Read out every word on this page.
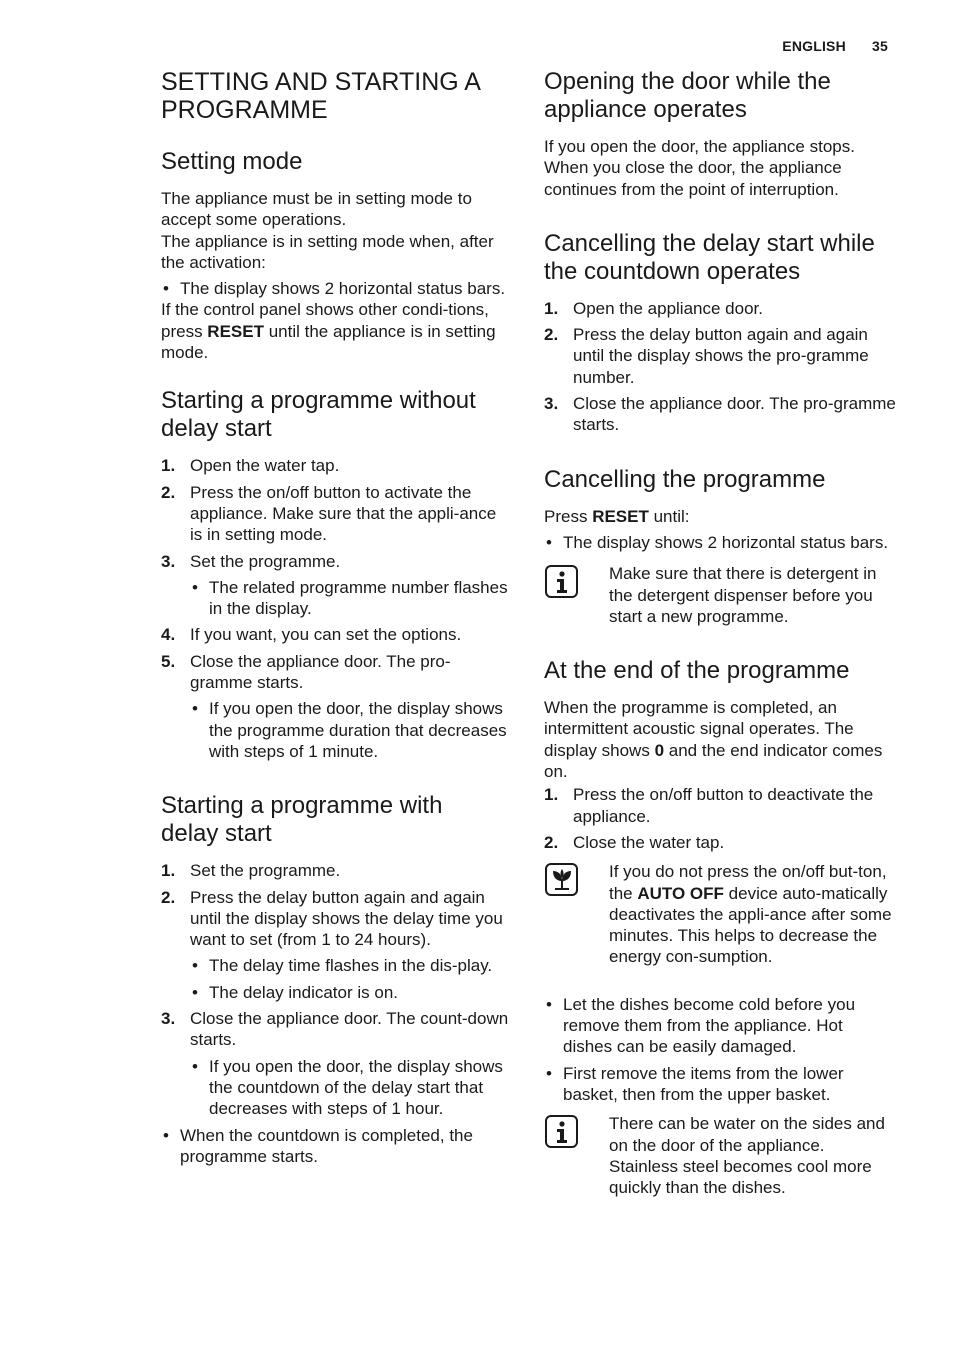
ENGLISH 35
SETTING AND STARTING A
PROGRAMME
Setting mode

The appliance must be in setting mode to accept some operations.

The appliance is in setting mode when, after the activation:

• The display shows 2 horizontal status bars.

If the control panel shows other condi-tions, press RESET until the appliance is in setting mode.

Starting a programme without
delay start
1. Open the water tap.
2. Press the on/off button to activate the appliance. Make sure that the appli-ance is in setting mode.
3. Set the programme.
• The related programme number flashes in the display.
4. If you want, you can set the options.
5. Close the appliance door. The pro-gramme starts.
• If you open the door, the display shows the programme duration that decreases with steps of 1 minute.
Starting a programme with
delay start
1. Set the programme.
2. Press the delay button again and again until the display shows the delay time you want to set (from 1 to 24 hours).
• The delay time flashes in the dis-play.
• The delay indicator is on.
3. Close the appliance door. The count-down starts.
• If you open the door, the display shows the countdown of the delay start that decreases with steps of 1 hour.
• When the countdown is completed, the programme starts.
Opening the door while the
appliance operates

If you open the door, the appliance stops. When you close the door, the appliance continues from the point of interruption.

Cancelling the delay start while
the countdown operates
1. Open the appliance door.
2. Press the delay button again and again until the display shows the pro-gramme number.
3. Close the appliance door. The pro-gramme starts.
Cancelling the programme

Press RESET until:

• The display shows 2 horizontal status bars.
Make sure that there is detergent in the detergent dispenser before you start a new programme.
At the end of the programme

When the programme is completed, an intermittent acoustic signal operates. The display shows 0 and the end indicator comes on.

1. Press the on/off button to deactivate the appliance.
2. Close the water tap.
If you do not press the on/off but-ton, the AUTO OFF device auto-matically deactivates the appli-ance after some minutes. This helps to decrease the energy con-sumption.
• Let the dishes become cold before you remove them from the appliance. Hot dishes can be easily damaged.
• First remove the items from the lower basket, then from the upper basket.
There can be water on the sides and on the door of the appliance. Stainless steel becomes cool more quickly than the dishes.
